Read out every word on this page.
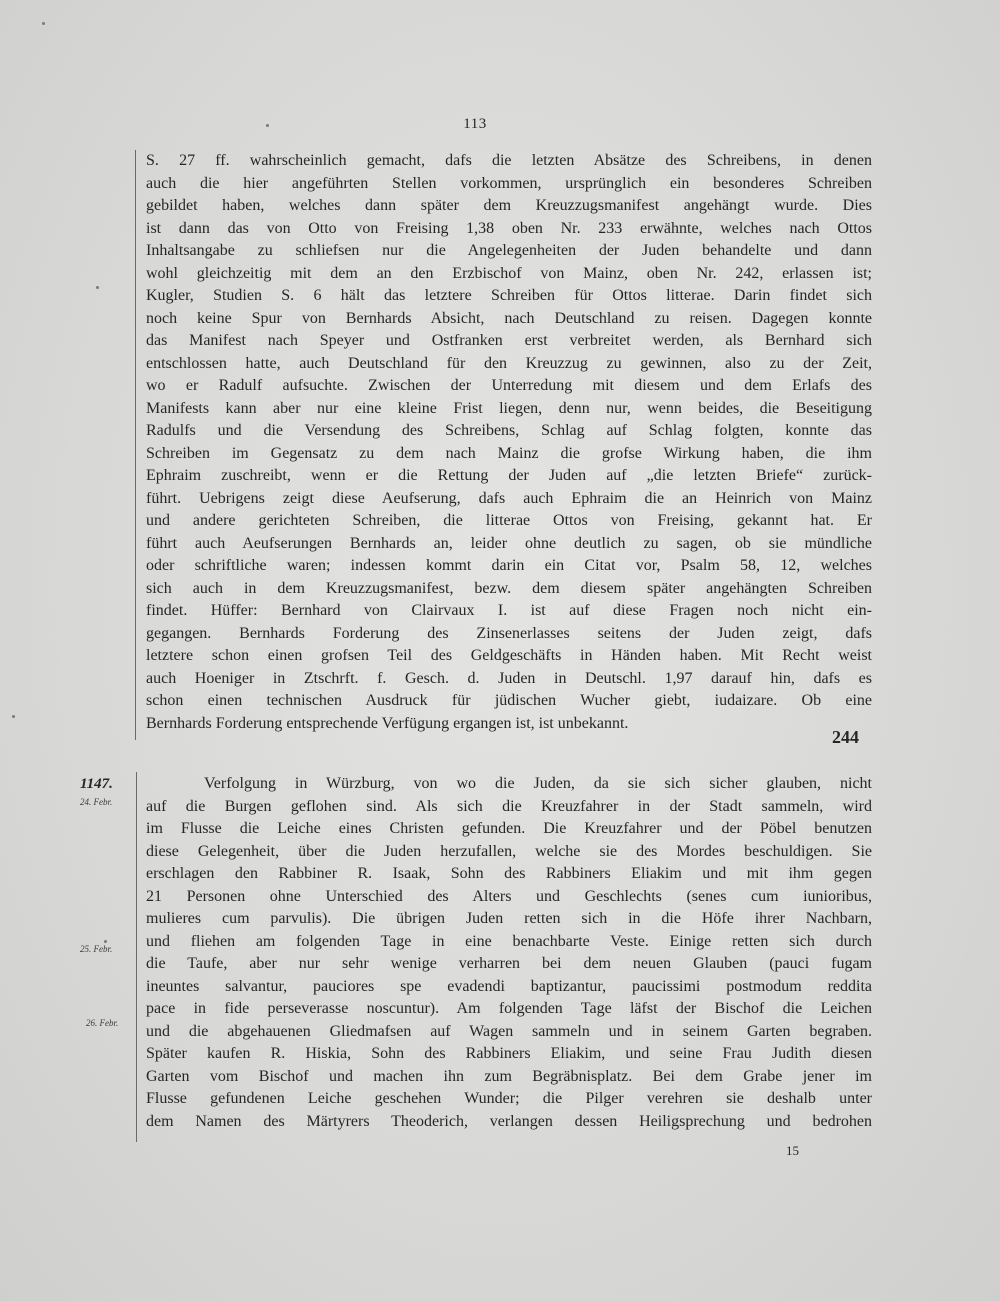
113
S. 27 ff. wahrscheinlich gemacht, dafs die letzten Absätze des Schreibens, in denen
auch die hier angeführten Stellen vorkommen, ursprünglich ein besonderes Schreiben
gebildet haben, welches dann später dem Kreuzzugsmanifest angehängt wurde. Dies
ist dann das von Otto von Freising 1,38 oben Nr. 233 erwähnte, welches nach Ottos
Inhaltsangabe zu schliefsen nur die Angelegenheiten der Juden behandelte und dann
wohl gleichzeitig mit dem an den Erzbischof von Mainz, oben Nr. 242, erlassen ist;
Kugler, Studien S. 6 hält das letztere Schreiben für Ottos litterae. Darin findet sich
noch keine Spur von Bernhards Absicht, nach Deutschland zu reisen. Dagegen konnte
das Manifest nach Speyer und Ostfranken erst verbreitet werden, als Bernhard sich
entschlossen hatte, auch Deutschland für den Kreuzzug zu gewinnen, also zu der Zeit,
wo er Radulf aufsuchte. Zwischen der Unterredung mit diesem und dem Erlafs des
Manifests kann aber nur eine kleine Frist liegen, denn nur, wenn beides, die Beseitigung
Radulfs und die Versendung des Schreibens, Schlag auf Schlag folgten, konnte das
Schreiben im Gegensatz zu dem nach Mainz die grofse Wirkung haben, die ihm
Ephraim zuschreibt, wenn er die Rettung der Juden auf „die letzten Briefe“ zurück-
führt. Uebrigens zeigt diese Aeufserung, dafs auch Ephraim die an Heinrich von Mainz
und andere gerichteten Schreiben, die litterae Ottos von Freising, gekannt hat. Er
führt auch Aeufserungen Bernhards an, leider ohne deutlich zu sagen, ob sie mündliche
oder schriftliche waren; indessen kommt darin ein Citat vor, Psalm 58, 12, welches
sich auch in dem Kreuzzugsmanifest, bezw. dem diesem später angehängten Schreiben
findet. Hüffer: Bernhard von Clairvaux I. ist auf diese Fragen noch nicht ein-
gegangen. Bernhards Forderung des Zinsenerlasses seitens der Juden zeigt, dafs
letztere schon einen grofsen Teil des Geldgeschäfts in Händen haben. Mit Recht weist
auch Hoeniger in Ztschrft. f. Gesch. d. Juden in Deutschl. 1,97 darauf hin, dafs es
schon einen technischen Ausdruck für jüdischen Wucher giebt, iudaizare. Ob eine
Bernhards Forderung entsprechende Verfügung ergangen ist, ist unbekannt.
244
1147.
24. Febr.
25. Febr.
26. Febr.
Verfolgung in Würzburg, von wo die Juden, da sie sich sicher glauben, nicht
auf die Burgen geflohen sind. Als sich die Kreuzfahrer in der Stadt sammeln, wird
im Flusse die Leiche eines Christen gefunden. Die Kreuzfahrer und der Pöbel benutzen
diese Gelegenheit, über die Juden herzufallen, welche sie des Mordes beschuldigen. Sie
erschlagen den Rabbiner R. Isaak, Sohn des Rabbiners Eliakim und mit ihm gegen
21 Personen ohne Unterschied des Alters und Geschlechts (senes cum iunioribus,
mulieres cum parvulis). Die übrigen Juden retten sich in die Höfe ihrer Nachbarn,
und fliehen am folgenden Tage in eine benachbarte Veste. Einige retten sich durch
die Taufe, aber nur sehr wenige verharren bei dem neuen Glauben (pauci fugam
ineuntes salvantur, pauciores spe evadendi baptizantur, paucissimi postmodum reddita
pace in fide perseverasse noscuntur). Am folgenden Tage läfst der Bischof die Leichen
und die abgehauenen Gliedmafsen auf Wagen sammeln und in seinem Garten begraben.
Später kaufen R. Hiskia, Sohn des Rabbiners Eliakim, und seine Frau Judith diesen
Garten vom Bischof und machen ihn zum Begräbnisplatz. Bei dem Grabe jener im
Flusse gefundenen Leiche geschehen Wunder; die Pilger verehren sie deshalb unter
dem Namen des Märtyrers Theoderich, verlangen dessen Heiligsprechung und bedrohen
15
